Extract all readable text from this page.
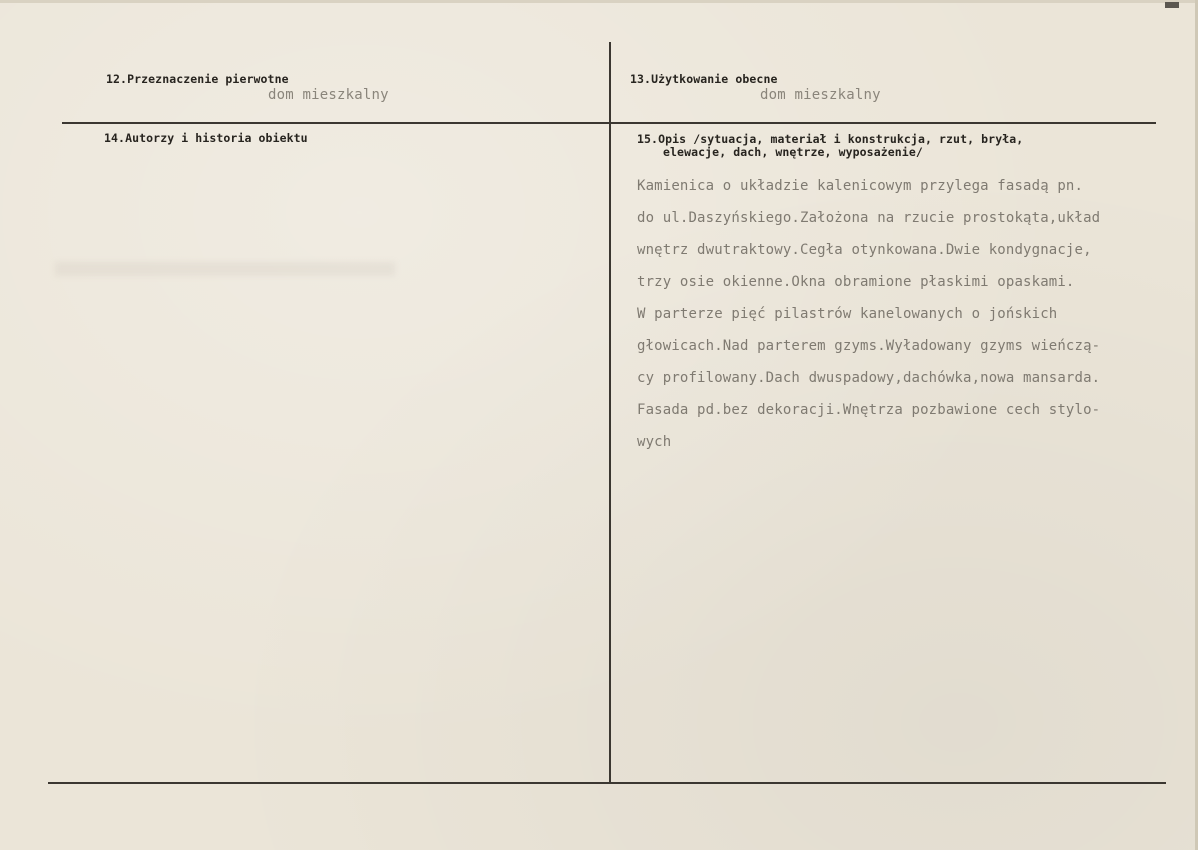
12.Przeznaczenie pierwotne
dom mieszkalny
13.Użytkowanie obecne
dom mieszkalny
14.Autorzy i historia obiektu	15.Opis /sytuacja, materiał i konstrukcja, rzut, bryła,
elewacje, dach, wnętrze, wyposażenie/
Kamienica o układzie kalenicowym przylega fasadą pn.
do ul.Daszyńskiego.Założona na rzucie prostokąta,układ
wnętrz dwutraktowy.Cegła otynkowana.Dwie kondygnacje,
trzy osie okienne.Okna obramione płaskimi opaskami.
W parterze pięć pilastrów kanelowanych o jońskich
głowicach.Nad parterem gzyms.Wyładowany gzyms wieńczą-
cy profilowany.Dach dwuspadowy,dachówka,nowa mansarda.
Fasada pd.bez dekoracji.Wnętrza pozbawione cech stylo-
wych
